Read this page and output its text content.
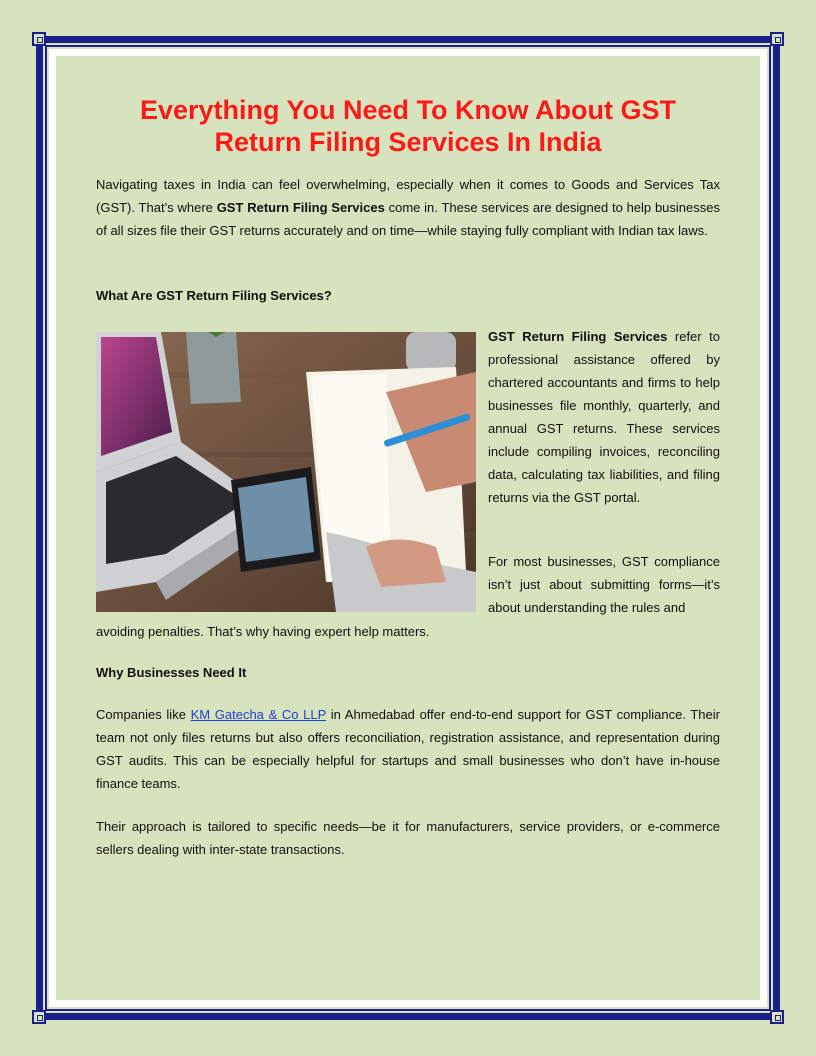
Everything You Need To Know About GST Return Filing Services In India

Navigating taxes in India can feel overwhelming, especially when it comes to Goods and Services Tax (GST). That’s where GST Return Filing Services come in. These services are designed to help businesses of all sizes file their GST returns accurately and on time—while staying fully compliant with Indian tax laws.

What Are GST Return Filing Services?

GST Return Filing Services refer to professional assistance offered by chartered accountants and firms to help businesses file monthly, quarterly, and annual GST returns. These services include compiling invoices, reconciling data, calculating tax liabilities, and filing returns via the GST portal.

For most businesses, GST compliance isn’t just about submitting forms—it’s about understanding the rules and

avoiding penalties. That’s why having expert help matters.

Why Businesses Need It

Companies like KM Gatecha & Co LLP in Ahmedabad offer end-to-end support for GST compliance. Their team not only files returns but also offers reconciliation, registration assistance, and representation during GST audits. This can be especially helpful for startups and small businesses who don’t have in-house finance teams.

Their approach is tailored to specific needs—be it for manufacturers, service providers, or e-commerce sellers dealing with inter-state transactions.
